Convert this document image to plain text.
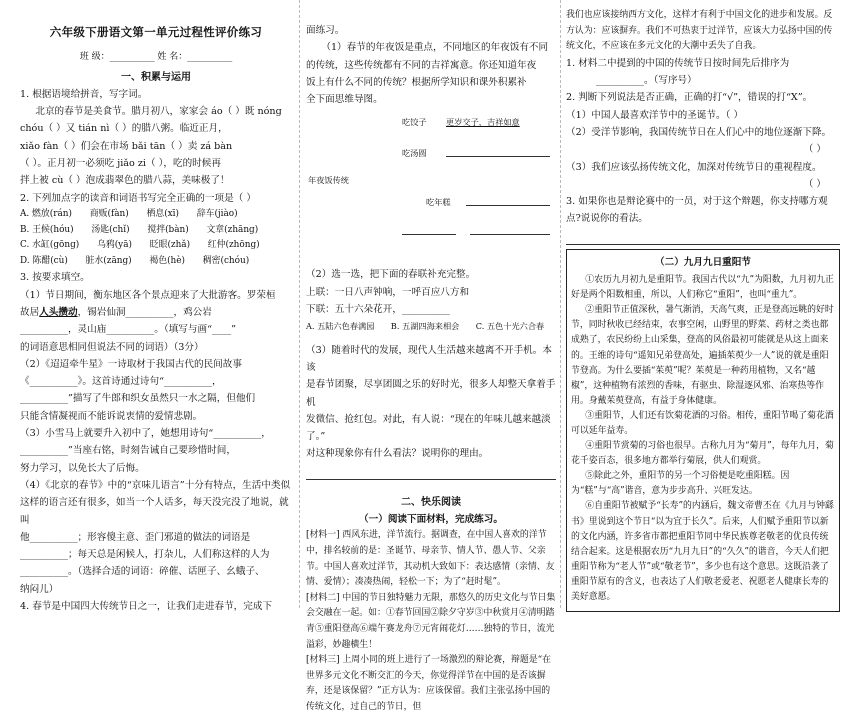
六年级下册语文第一单元过程性评价练习
班 级：__________ 姓 名：__________
一、积累与运用

1. 根据语境给拼音，写字词。

北京的春节是美食节。腊月初八，家家会 áo（ ）既 nóng

chóu（ ）又 tián nì（ ）的腊八粥。临近正月，

xiǎo fàn（ ）们会在市场 bǎi tān（ ）卖 zá bàn

（ ）。正月初一必须吃 jiǎo zi（ ），吃的时候再

拌上被 cù（ ）泡成翡翠色的腊八蒜，美味极了！

2. 下列加点字的读音和词语书写完全正确的一项是（ ）

A. 燃放(rán)　　商贩(fàn)　　栖息(xī)　　辞车(jiào)

B. 王候(hóu)　　汤匙(chǐ)　　搅拌(bàn)　　文章(zhāng)

C. 水缸(gōng)　　乌鸦(yā)　　眨眼(zhǎ)　　红仲(zhōng)

D. 陈醋(cù)　　脏水(zāng)　　褐色(hè)　　稠密(chóu)

3. 按要求填空。

（1）节日期间，衡东地区各个景点迎来了大批游客。罗荣桓

故居人头攒动，锡岩仙洞__________，鸡公岩

__________，灵山庙__________。（填写与画“____”

的词语意思相同但说法不同的词语）（3分）

（2）《迢迢牵牛星》一诗取材于我国古代的民间故事

《__________》。这首诗通过诗句“__________，

__________”描写了牛郎和织女虽然只一水之隔，但他们

只能含情凝视而不能诉说衷情的爱情悲剧。

（3）小雪马上就要升入初中了，她想用诗句“__________，

__________”当座右铭，时刻告诫自己要珍惜时间，

努力学习，以免长大了后悔。

（4）《北京的春节》中的“京味儿语言”十分有特点，生活中类似

这样的语言还有很多，如当一个人话多，每天没完没了地说，就叫

他__________；形容傻主意、歪门邪道的做法的词语是

__________；每天总是闲候人，打杂儿，人们称这样的人为

__________。（选择合适的词语：碎催、话匣子、幺蛾子、

纳闷儿）

4. 春节是中国四大传统节日之一，让我们走进春节，完成下

面练习。

（1）春节的年夜饭是重点，不同地区的年夜饭有不同

的传统，这些传统都有不同的吉祥寓意。你还知道年夜

饭上有什么不同的传统？根据所学知识和课外积累补

全下面思维导图。

吃饺子 更岁交子，吉祥如意
吃汤圆
年夜饭传统
吃年糕

（2）选一选，把下面的春联补充完整。

上联：一日八声钟响，一呼百应八方和

下联：五十六朵花开，__________

A. 五陆六色春满园　　B. 五湖四海来相会　　C. 五色十光六合春

（3）随着时代的发展，现代人生活越来越离不开手机。本该

是春节团聚，尽享团圆之乐的好时光，很多人却整天拿着手机

发微信、抢红包。对此，有人说：“现在的年味儿越来越淡了。”

对这种现象你有什么看法？说明你的理由。

二、快乐阅读
（一）阅读下面材料，完成练习。

[材料一] 西风东进，洋节流行。据调查，在中国人喜欢的洋节中，排名较前的是：圣诞节、母亲节、情人节、愚人节、父亲节。中国人喜欢过洋节，其动机大致如下：表达感情（亲情、友情、爱情）；凑凑热闹，轻松一下；为了“赶时髦”。

[材料二] 中国的节日独特魅力无限，那悠久的历史文化与节日集会交融在一起。如：①春节回国②除夕守岁③中秋赏月④清明踏青⑤重阳登高⑥端午赛龙舟⑦元宵闹花灯……独特的节日，流光溢彩，妙趣横生！

[材料三] 上周小同的班上进行了一场激烈的辩论赛，辩题是“在世界多元文化不断交汇的今天，你觉得洋节在中国的是否该摒弃，还是该保留？”正方认为：应该保留。我们主张弘扬中国的传统文化，过自己的节日，但

我们也应该接纳西方文化，这样才有利于中国文化的进步和发展。反方认为：应该摒弃。我们不可热衷于过洋节，应该大力弘扬中国的传统文化，不应该在多元文化的大潮中丢失了自我。

1. 材料二中提到的中国的传统节日按时间先后排序为

__________。（写序号）

2. 判断下列说法是否正确，正确的打“√”，错误的打“X”。

（1）中国人最喜欢洋节中的圣诞节。（ ）

（2）受洋节影响，我国传统节日在人们心中的地位逐渐下降。

（ ）

（3）我们应该弘扬传统文化，加深对传统节日的重视程度。

（ ）

3. 如果你也是辩论赛中的一员，对于这个辩题，你支持哪方观

点?说说你的看法。

（二）九月九日重阳节

①农历九月初九是重阳节。我国古代以“九”为阳数，九月初九正好是两个阳数相重，所以，人们称它“重阳”，也叫“重九”。

②重阳节正值深秋，暑气渐消，天高气爽，正是登高远眺的好时节，同时秋收已经结束，农事空闲，山野里的野菜、药材之类也都成熟了，农民纷纷上山采集，登高的风俗最初可能就是从这上面来的。王维的诗句“遥知兄弟登高处，遍插茱萸少一人”说的就是重阳节登高。为什么要插“茱萸”呢？茱萸是一种药用植物，又名“越椒”，这种植物有浓烈的香味，有驱虫、除湿逐风邪、治寒热等作用。身戴茱萸登高，有益于身体健康。

③重阳节，人们还有饮菊花酒的习俗。相传，重阳节喝了菊花酒可以延年益寿。

④重阳节赏菊的习俗也很早。古称九月为“菊月”，每年九月，菊花千姿百态，很多地方都举行菊展，供人们观赏。

⑤除此之外，重阳节的另一个习俗便是吃重阳糕。因为“糕”与“高”谐音，意为步步高升、兴旺发达。

⑥自重阳节被赋予“长寿”的内涵后，魏文帝曹丕在《九月与钟繇书》里说到这个节日“以为宜于长久”。后来，人们赋予重阳节以新的文化内涵，许多省市都把重阳节同中华民族尊老敬老的优良传统结合起来。这是根据农历“九月九日”的“久久”的谐音，今天人们把重阳节称为“老人节”或“敬老节”，多少也有这个意思。这既沿袭了重阳节原有的含义，也表达了人们敬老爱老、祝愿老人健康长寿的美好意愿。
